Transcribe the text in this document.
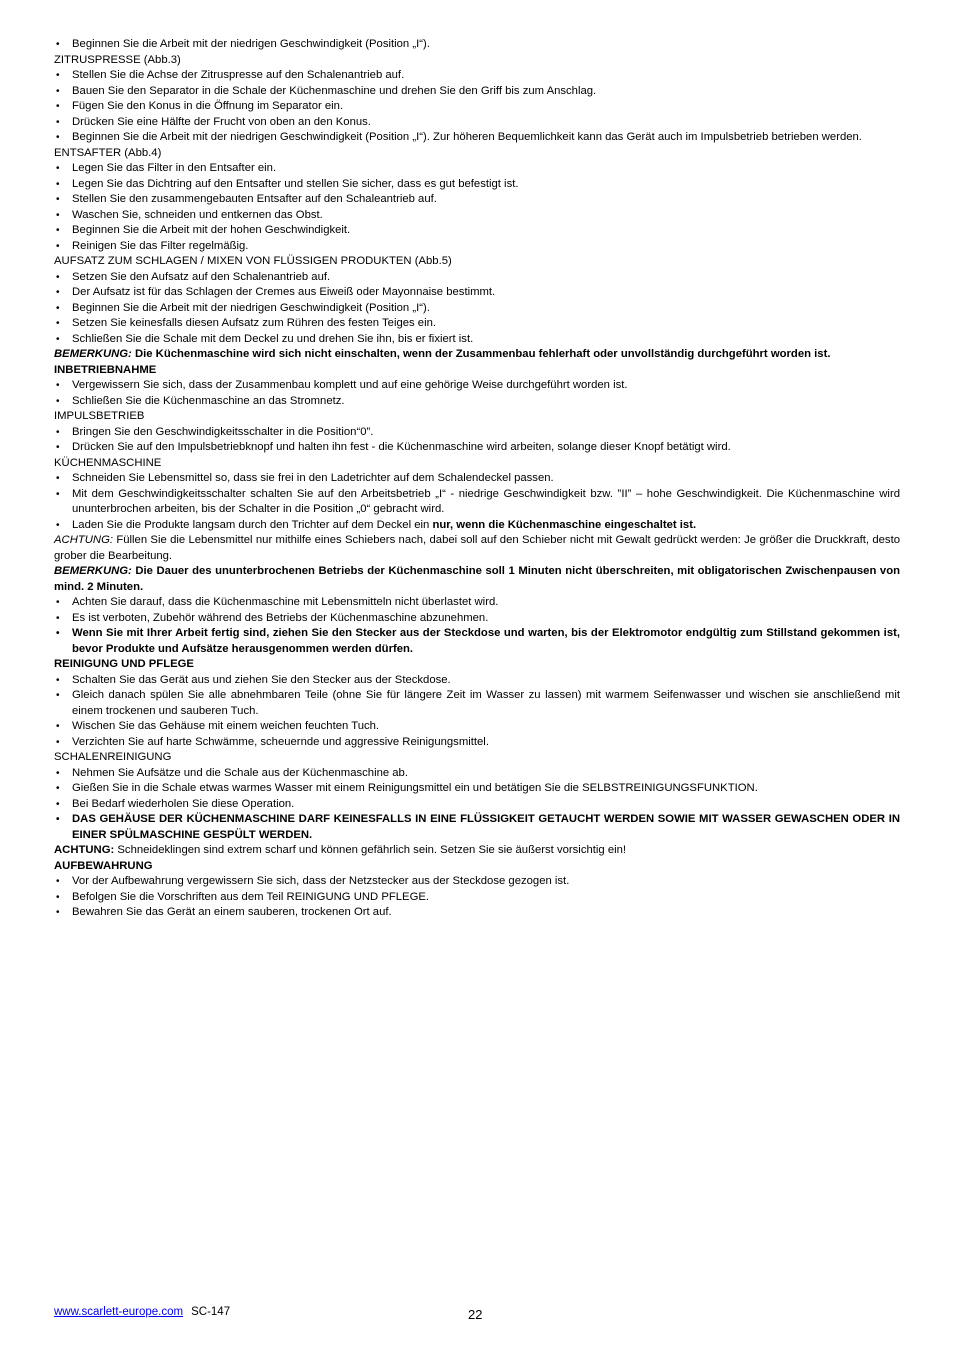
• Beginnen Sie die Arbeit mit der niedrigen Geschwindigkeit (Position „I“).
ZITRUSPRESSE (Abb.3)
• Stellen Sie die Achse der Zitruspresse auf den Schalenantrieb auf.
• Bauen Sie den Separator in die Schale der Küchenmaschine und drehen Sie den Griff bis zum Anschlag.
• Fügen Sie den Konus in die Öffnung im Separator ein.
• Drücken Sie eine Hälfte der Frucht von oben an den Konus.
• Beginnen Sie die Arbeit mit der niedrigen Geschwindigkeit (Position „I“). Zur höheren Bequemlichkeit kann das Gerät auch im Impulsbetrieb betrieben werden.
ENTSAFTER (Abb.4)
• Legen Sie das Filter in den Entsafter ein.
• Legen Sie das Dichtring auf den Entsafter und stellen Sie sicher, dass es gut befestigt ist.
• Stellen Sie den zusammengebauten Entsafter auf den Schaleantrieb auf.
• Waschen Sie, schneiden und entkernen das Obst.
• Beginnen Sie die Arbeit mit der hohen Geschwindigkeit.
• Reinigen Sie das Filter regelmäßig.
AUFSATZ ZUM SCHLAGEN / MIXEN VON FLÜSSIGEN PRODUKTEN (Abb.5)
• Setzen Sie den Aufsatz auf den Schalenantrieb auf.
• Der Aufsatz ist für das Schlagen der Cremes aus Eiweiß oder Mayonnaise bestimmt.
• Beginnen Sie die Arbeit mit der niedrigen Geschwindigkeit (Position „I“).
• Setzen Sie keinesfalls diesen Aufsatz zum Rühren des festen Teiges ein.
• Schließen Sie die Schale mit dem Deckel zu und drehen Sie ihn, bis er fixiert ist.
BEMERKUNG: Die Küchenmaschine wird sich nicht einschalten, wenn der Zusammenbau fehlerhaft oder unvollständig durchgeführt worden ist.
INBETRIEBNAHME
• Vergewissern Sie sich, dass der Zusammenbau komplett und auf eine gehörige Weise durchgeführt worden ist.
• Schließen Sie die Küchenmaschine an das Stromnetz.
IMPULSBETRIEB
• Bringen Sie den Geschwindigkeitsschalter in die Position“0”.
• Drücken Sie auf den Impulsbetriebknopf und halten ihn fest - die Küchenmaschine wird arbeiten, solange dieser Knopf betätigt wird.
KÜCHENMASCHINE
• Schneiden Sie Lebensmittel so, dass sie frei in den Ladetrichter auf dem Schalendeckel passen.
• Mit dem Geschwindigkeitsschalter schalten Sie auf den Arbeitsbetrieb „I“ - niedrige Geschwindigkeit bzw. ”II” – hohe Geschwindigkeit. Die Küchenmaschine wird ununterbrochen arbeiten, bis der Schalter in die Position „0“ gebracht wird.
• Laden Sie die Produkte langsam durch den Trichter auf dem Deckel ein nur, wenn die Küchenmaschine eingeschaltet ist.
ACHTUNG: Füllen Sie die Lebensmittel nur mithilfe eines Schiebers nach, dabei soll auf den Schieber nicht mit Gewalt gedrückt werden: Je größer die Druckkraft, desto grober die Bearbeitung.
BEMERKUNG: Die Dauer des ununterbrochenen Betriebs der Küchenmaschine soll 1 Minuten nicht überschreiten, mit obligatorischen Zwischenpausen von mind. 2 Minuten.
• Achten Sie darauf, dass die Küchenmaschine mit Lebensmitteln nicht überlastet wird.
• Es ist verboten, Zubehör während des Betriebs der Küchenmaschine abzunehmen.
• Wenn Sie mit Ihrer Arbeit fertig sind, ziehen Sie den Stecker aus der Steckdose und warten, bis der Elektromotor endgültig zum Stillstand gekommen ist, bevor Produkte und Aufsätze herausgenommen werden dürfen.
REINIGUNG UND PFLEGE
• Schalten Sie das Gerät aus und ziehen Sie den Stecker aus der Steckdose.
• Gleich danach spülen Sie alle abnehmbaren Teile (ohne Sie für längere Zeit im Wasser zu lassen) mit warmem Seifenwasser und wischen sie anschließend mit einem trockenen und sauberen Tuch.
• Wischen Sie das Gehäuse mit einem weichen feuchten Tuch.
• Verzichten Sie auf harte Schwämme, scheuernde und aggressive Reinigungsmittel.
SCHALENREINIGUNG
• Nehmen Sie Aufsätze und die Schale aus der Küchenmaschine ab.
• Gießen Sie in die Schale etwas warmes Wasser mit einem Reinigungsmittel ein und betätigen Sie die SELBSTREINIGUNGSFUNKTION.
• Bei Bedarf wiederholen Sie diese Operation.
• DAS GEHÄUSE DER KÜCHENMASCHINE DARF KEINESFALLS IN EINE FLÜSSIGKEIT GETAUCHT WERDEN SOWIE MIT WASSER GEWASCHEN ODER IN EINER SPÜLMASCHINE GESPÜLT WERDEN.
ACHTUNG: Schneideklingen sind extrem scharf und können gefährlich sein. Setzen Sie sie äußerst vorsichtig ein!
AUFBEWAHRUNG
• Vor der Aufbewahrung vergewissern Sie sich, dass der Netzstecker aus der Steckdose gezogen ist.
• Befolgen Sie die Vorschriften aus dem Teil REINIGUNG UND PFLEGE.
• Bewahren Sie das Gerät an einem sauberen, trockenen Ort auf.
www.scarlett-europe.com SC-147	22
